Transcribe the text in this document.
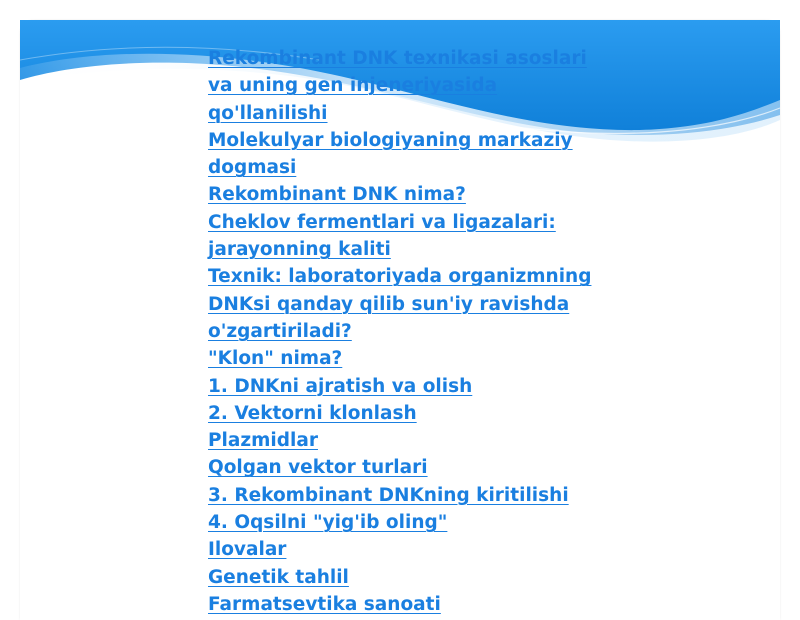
Rekombinant DNK texnikasi asoslari
va uning gen injeneriyasida
qo'llanilishi
Molekulyar biologiyaning markaziy
dogmasi
Rekombinant DNK nima?
Cheklov fermentlari va ligazalari:
jarayonning kaliti
Texnik: laboratoriyada organizmning
DNKsi qanday qilib sun'iy ravishda
o'zgartiriladi?
"Klon" nima?
1. DNKni ajratish va olish
2. Vektorni klonlash
Plazmidlar
Qolgan vektor turlari
3. Rekombinant DNKning kiritilishi
4. Oqsilni "yig'ib oling"
Ilovalar
Genetik tahlil
Farmatsevtika sanoati
